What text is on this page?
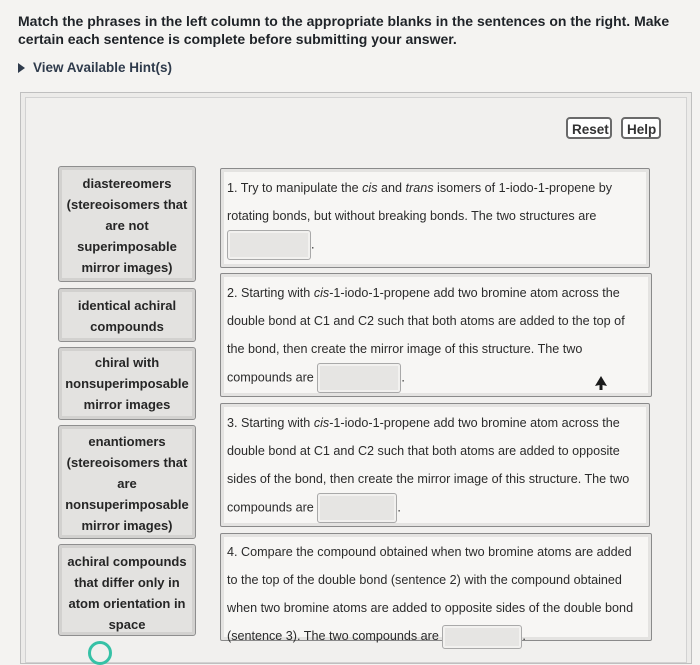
Match the phrases in the left column to the appropriate blanks in the sentences on the right. Make certain each sentence is complete before submitting your answer.
View Available Hint(s)
Reset	Help
diastereomers (stereoisomers that are not superimposable mirror images)
identical achiral compounds
chiral with nonsuperimposable mirror images
enantiomers (stereoisomers that are nonsuperimposable mirror images)
achiral compounds that differ only in atom orientation in space
1. Try to manipulate the cis and trans isomers of 1-iodo-1-propene by rotating bonds, but without breaking bonds. The two structures are
.
2. Starting with cis-1-iodo-1-propene add two bromine atom across the double bond at C1 and C2 such that both atoms are added to the top of the bond, then create the mirror image of this structure. The two compounds are	.
3. Starting with cis-1-iodo-1-propene add two bromine atom across the double bond at C1 and C2 such that both atoms are added to opposite sides of the bond, then create the mirror image of this structure. The two compounds are	.
4. Compare the compound obtained when two bromine atoms are added to the top of the double bond (sentence 2) with the compound obtained when two bromine atoms are added to opposite sides of the double bond (sentence 3). The two compounds are	.
